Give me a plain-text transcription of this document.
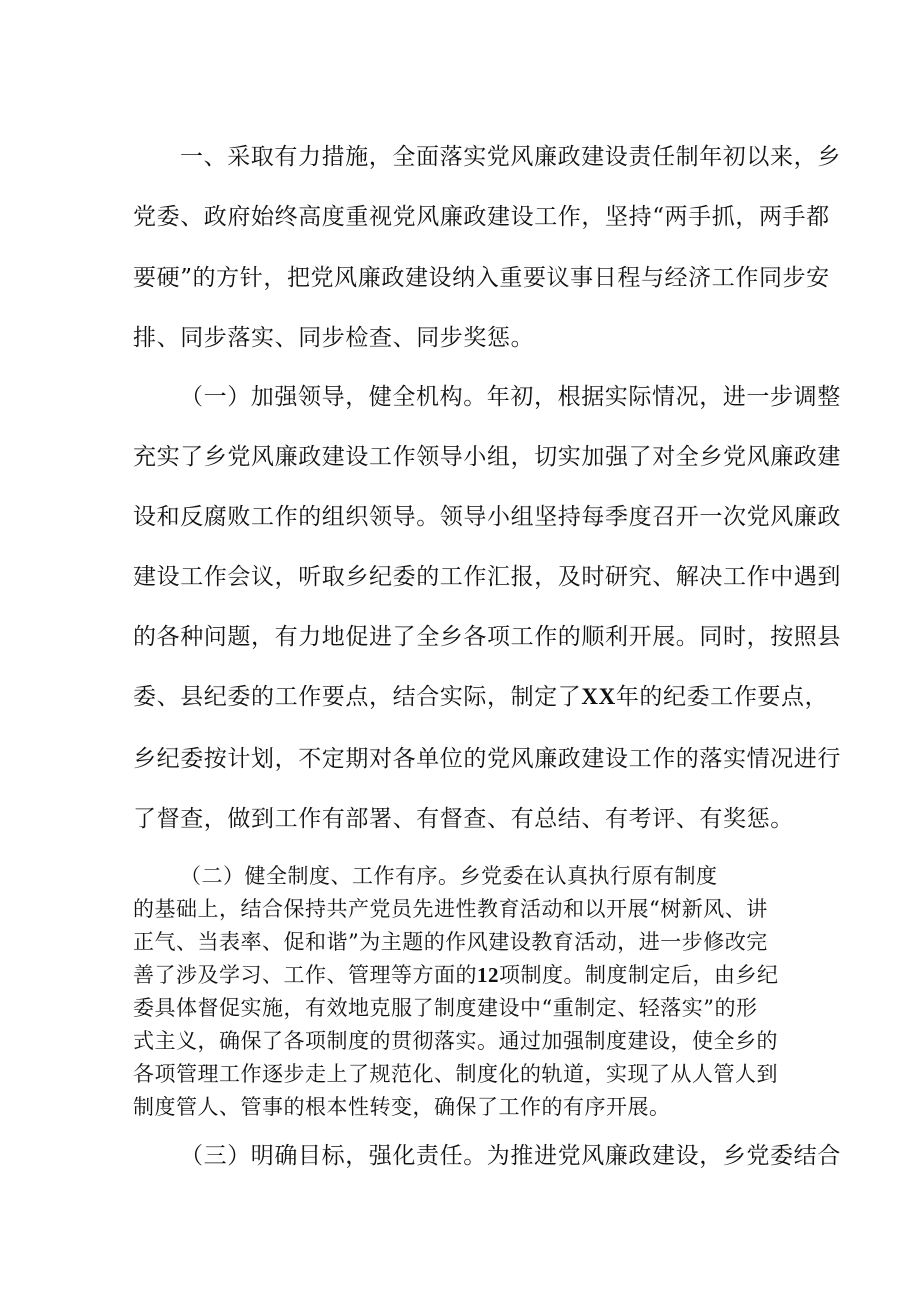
一、采取有力措施，全面落实党风廉政建设责任制年初以来，乡
党委、政府始终高度重视党风廉政建设工作，坚持“两手抓，两手都
要硬”的方针，把党风廉政建设纳入重要议事日程与经济工作同步安
排、同步落实、同步检查、同步奖惩。
（一）加强领导，健全机构。年初，根据实际情况，进一步调整
充实了乡党风廉政建设工作领导小组，切实加强了对全乡党风廉政建
设和反腐败工作的组织领导。领导小组坚持每季度召开一次党风廉政
建设工作会议，听取乡纪委的工作汇报，及时研究、解决工作中遇到
的各种问题，有力地促进了全乡各项工作的顺利开展。同时，按照县
委、县纪委的工作要点，结合实际，制定了XX年的纪委工作要点，
乡纪委按计划，不定期对各单位的党风廉政建设工作的落实情况进行
了督查，做到工作有部署、有督查、有总结、有考评、有奖惩。
（二）健全制度、工作有序。乡党委在认真执行原有制度
的基础上，结合保持共产党员先进性教育活动和以开展“树新风、讲
正气、当表率、促和谐”为主题的作风建设教育活动，进一步修改完
善了涉及学习、工作、管理等方面的12项制度。制度制定后，由乡纪
委具体督促实施，有效地克服了制度建设中“重制定、轻落实”的形
式主义，确保了各项制度的贯彻落实。通过加强制度建设，使全乡的
各项管理工作逐步走上了规范化、制度化的轨道，实现了从人管人到
制度管人、管事的根本性转变，确保了工作的有序开展。
（三）明确目标，强化责任。为推进党风廉政建设，乡党委结合
